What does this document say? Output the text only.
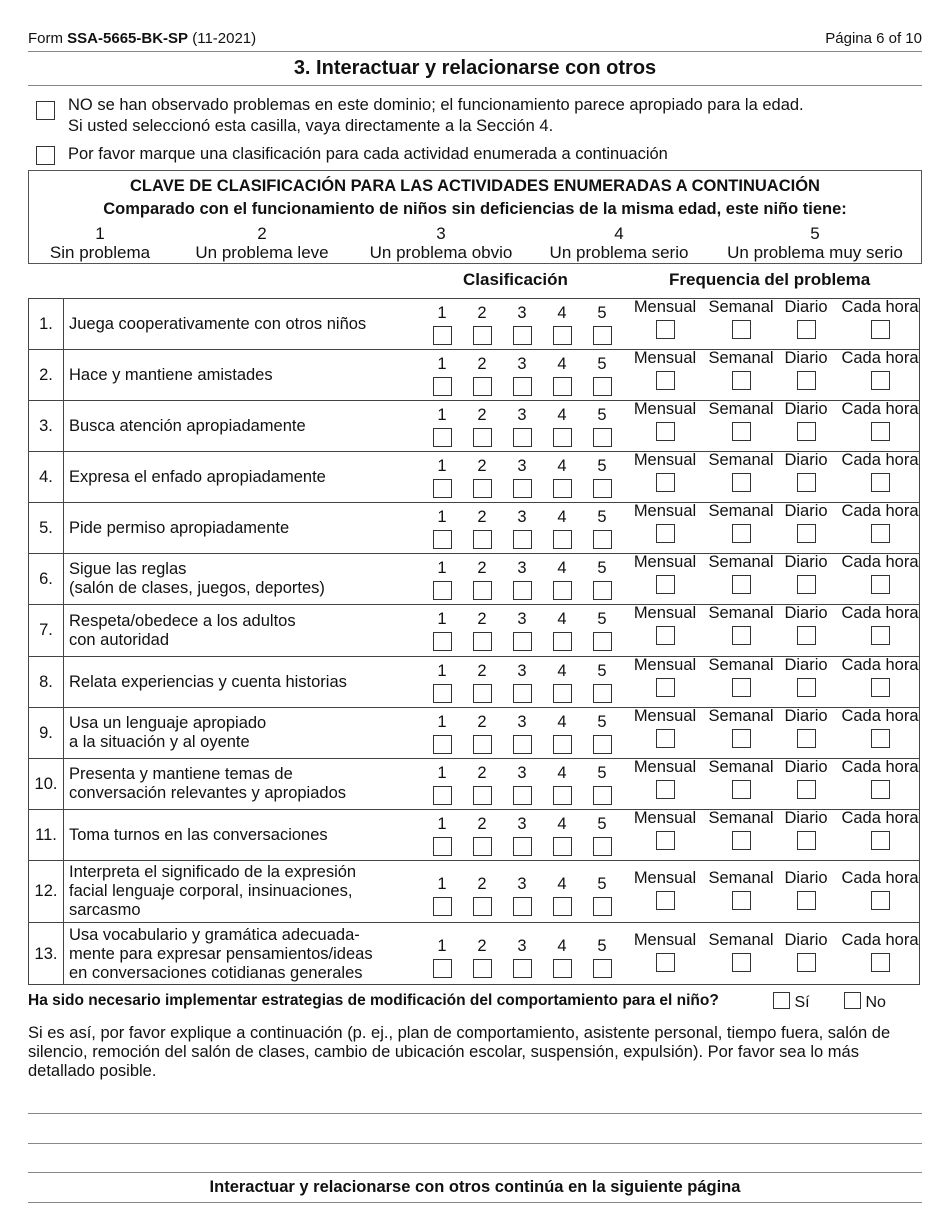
Form SSA-5665-BK-SP (11-2021)	Página 6 of 10
3. Interactuar y relacionarse con otros
NO se han observado problemas en este dominio; el funcionamiento parece apropiado para la edad.
Si usted seleccionó esta casilla, vaya directamente a la Sección 4.
Por favor marque una clasificación para cada actividad enumerada a continuación
CLAVE DE CLASIFICACIÓN PARA LAS ACTIVIDADES ENUMERADAS A CONTINUACIÓN
Comparado con el funcionamiento de niños sin deficiencias de la misma edad, este niño tiene:
1
Sin problema
2
Un problema leve
3
Un problema obvio
4
Un problema serio
5
Un problema muy serio
Clasificación	Frequencia del problema
1. Juega cooperativamente con otros niños
1	2	3	4	5	Mensual Semanal Diario Cada hora
2. Hace y mantiene amistades
1	2	3	4	5	Mensual Semanal Diario Cada hora
3. Busca atención apropiadamente
1	2	3	4	5	Mensual Semanal Diario Cada hora
4. Expresa el enfado apropiadamente
1	2	3	4	5	Mensual Semanal Diario Cada hora
5. Pide permiso apropiadamente
1	2	3	4	5	Mensual Semanal Diario Cada hora
6.
Sigue las reglas
(salón de clases, juegos, deportes)
1	2	3	4	5	Mensual Semanal Diario Cada hora
7.
Respeta/obedece a los adultos
con autoridad
1	2	3	4	5	Mensual Semanal Diario Cada hora
8. Relata experiencias y cuenta historias
1	2	3	4	5	Mensual Semanal Diario Cada hora
9.
Usa un lenguaje apropiado
a la situación y al oyente
1	2	3	4	5	Mensual Semanal Diario Cada hora
10.
Presenta y mantiene temas de
conversación relevantes y apropiados
1	2	3	4	5	Mensual Semanal Diario Cada hora
11. Toma turnos en las conversaciones
1	2	3	4	5	Mensual Semanal Diario Cada hora
12.
Interpreta el significado de la expresión
facial lenguaje corporal, insinuaciones,
sarcasmo
1	2	3	4	5	Mensual Semanal Diario Cada hora
13.
Usa vocabulario y gramática adecuada-
mente para expresar pensamientos/ideas
en conversaciones cotidianas generales
1	2	3	4	5	Mensual Semanal Diario Cada hora
Ha sido necesario implementar estrategias de modificación del comportamiento para el niño?	Sí	No
Si es así, por favor explique a continuación (p. ej., plan de comportamiento, asistente personal, tiempo fuera, salón de silencio, remoción del salón de clases, cambio de ubicación escolar, suspensión, expulsión). Por favor sea lo más detallado posible.
Interactuar y relacionarse con otros continúa en la siguiente página
